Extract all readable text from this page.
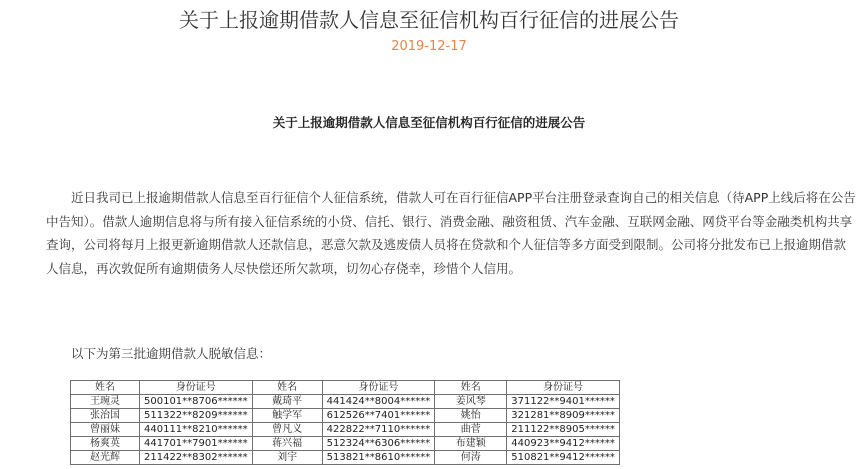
关于上报逾期借款人信息至征信机构百行征信的进展公告
2019-12-17
关于上报逾期借款人信息至征信机构百行征信的进展公告

近日我司已上报逾期借款人信息至百行征信个人征信系统，借款人可在百行征信APP平台注册登录查询自己的相关信息（待APP上线后将在公告中告知）。借款人逾期信息将与所有接入征信系统的小贷、信托、银行、消费金融、融资租赁、汽车金融、互联网金融、网贷平台等金融类机构共享查询，公司将每月上报更新逾期借款人还款信息，恶意欠款及逃废债人员将在贷款和个人征信等多方面受到限制。公司将分批发布已上报逾期借款人信息，再次敦促所有逾期债务人尽快偿还所欠款项，切勿心存侥幸，珍惜个人信用。

以下为第三批逾期借款人脱敏信息：
姓名	身份证号	姓名	身份证号	姓名	身份证号
王琬灵	500101**8706******	戴琦平	441424**8004******	姜风琴	371122**9401******
张治国	511322**8209******	触学军	612526**7401******	姚怡	321281**8909******
曾丽妹	440111**8210******	曾凡义	422822**7110******	曲菅	211122**8905******
杨爽英	441701**7901******	蒋兴福	512324**6306******	布建颖	440923**9412******
赵光辉	211422**8302******	刘宇	513821**8610******	何涛	510821**9412******
